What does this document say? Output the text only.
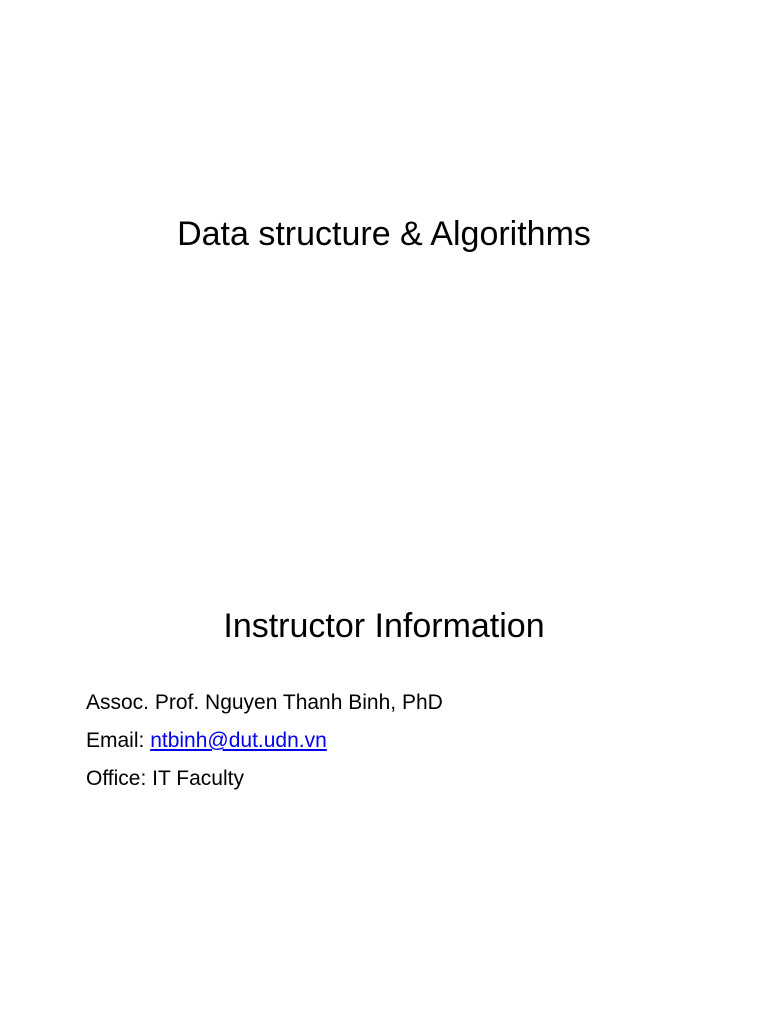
Data structure & Algorithms
Instructor Information
Assoc. Prof. Nguyen Thanh Binh, PhD
Email: ntbinh@dut.udn.vn
Office: IT Faculty
